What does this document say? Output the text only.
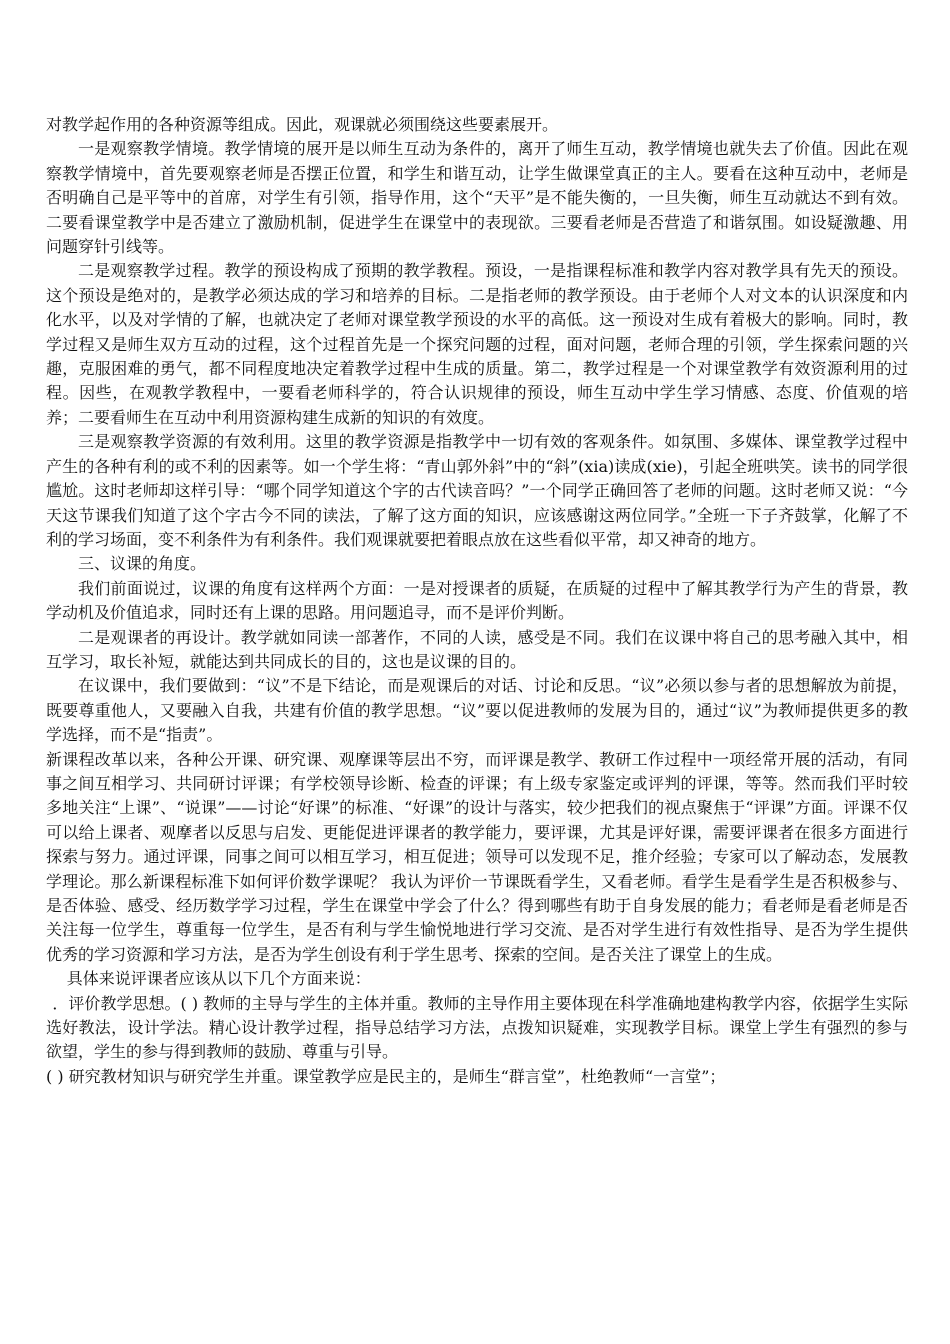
对教学起作用的各种资源等组成。因此，观课就必须围绕这些要素展开。

一是观察教学情境。教学情境的展开是以师生互动为条件的，离开了师生互动，教学情境也就失去了价值。因此在观察教学情境中，首先要观察老师是否摆正位置，和学生和谐互动，让学生做课堂真正的主人。要看在这种互动中，老师是否明确自己是平等中的首席，对学生有引领，指导作用，这个“天平”是不能失衡的，一旦失衡，师生互动就达不到有效。二要看课堂教学中是否建立了激励机制，促进学生在课堂中的表现欲。三要看老师是否营造了和谐氛围。如设疑激趣、用问题穿针引线等。

二是观察教学过程。教学的预设构成了预期的教学教程。预设，一是指课程标准和教学内容对教学具有先天的预设。这个预设是绝对的，是教学必须达成的学习和培养的目标。二是指老师的教学预设。由于老师个人对文本的认识深度和内化水平，以及对学情的了解，也就决定了老师对课堂教学预设的水平的高低。这一预设对生成有着极大的影响。同时，教学过程又是师生双方互动的过程，这个过程首先是一个探究问题的过程，面对问题，老师合理的引领，学生探索问题的兴趣，克服困难的勇气，都不同程度地决定着教学过程中生成的质量。第二，教学过程是一个对课堂教学有效资源利用的过程。因些，在观教学教程中，一要看老师科学的，符合认识规律的预设，师生互动中学生学习情感、态度、价值观的培养；二要看师生在互动中利用资源构建生成新的知识的有效度。

三是观察教学资源的有效利用。这里的教学资源是指教学中一切有效的客观条件。如氛围、多媒体、课堂教学过程中产生的各种有利的或不利的因素等。如一个学生将：“青山郭外斜”中的“斜”(xia)读成(xie)，引起全班哄笑。读书的同学很尴尬。这时老师却这样引导：“哪个同学知道这个字的古代读音吗？”一个同学正确回答了老师的问题。这时老师又说：“今天这节课我们知道了这个字古今不同的读法，了解了这方面的知识，应该感谢这两位同学。”全班一下子齐鼓掌，化解了不利的学习场面，变不利条件为有利条件。我们观课就要把着眼点放在这些看似平常，却又神奇的地方。

三、议课的角度。

我们前面说过，议课的角度有这样两个方面：一是对授课者的质疑，在质疑的过程中了解其教学行为产生的背景，教学动机及价值追求，同时还有上课的思路。用问题追寻，而不是评价判断。

二是观课者的再设计。教学就如同读一部著作，不同的人读，感受是不同。我们在议课中将自己的思考融入其中，相互学习，取长补短，就能达到共同成长的目的，这也是议课的目的。

在议课中，我们要做到：“议”不是下结论，而是观课后的对话、讨论和反思。“议”必须以参与者的思想解放为前提，既要尊重他人，又要融入自我，共建有价值的教学思想。“议”要以促进教师的发展为目的，通过“议”为教师提供更多的教学选择，而不是“指责”。

新课程改革以来，各种公开课、研究课、观摩课等层出不穷，而评课是教学、教研工作过程中一项经常开展的活动，有同事之间互相学习、共同研讨评课；有学校领导诊断、检查的评课；有上级专家鉴定或评判的评课，等等。然而我们平时较多地关注“上课”、“说课”——讨论“好课”的标准、“好课”的设计与落实，较少把我们的视点聚焦于“评课”方面。评课不仅可以给上课者、观摩者以反思与启发、更能促进评课者的教学能力，要评课，尤其是评好课，需要评课者在很多方面进行探索与努力。通过评课，同事之间可以相互学习，相互促进；领导可以发现不足，推介经验；专家可以了解动态，发展教学理论。那么新课程标准下如何评价数学课呢？ 我认为评价一节课既看学生，又看老师。看学生是看学生是否积极参与、是否体验、感受、经历数学学习过程，学生在课堂中学会了什么？得到哪些有助于自身发展的能力；看老师是看老师是否关注每一位学生，尊重每一位学生，是否有利与学生愉悦地进行学习交流、是否对学生进行有效性指导、是否为学生提供优秀的学习资源和学习方法，是否为学生创设有利于学生思考、探索的空间。是否关注了课堂上的生成。

具体来说评课者应该从以下几个方面来说：

．评价教学思想。( ) 教师的主导与学生的主体并重。教师的主导作用主要体现在科学准确地建构教学内容，依据学生实际选好教法，设计学法。精心设计教学过程，指导总结学习方法，点拨知识疑难，实现教学目标。课堂上学生有强烈的参与欲望，学生的参与得到教师的鼓励、尊重与引导。

( ) 研究教材知识与研究学生并重。课堂教学应是民主的，是师生“群言堂”，杜绝教师“一言堂”；
